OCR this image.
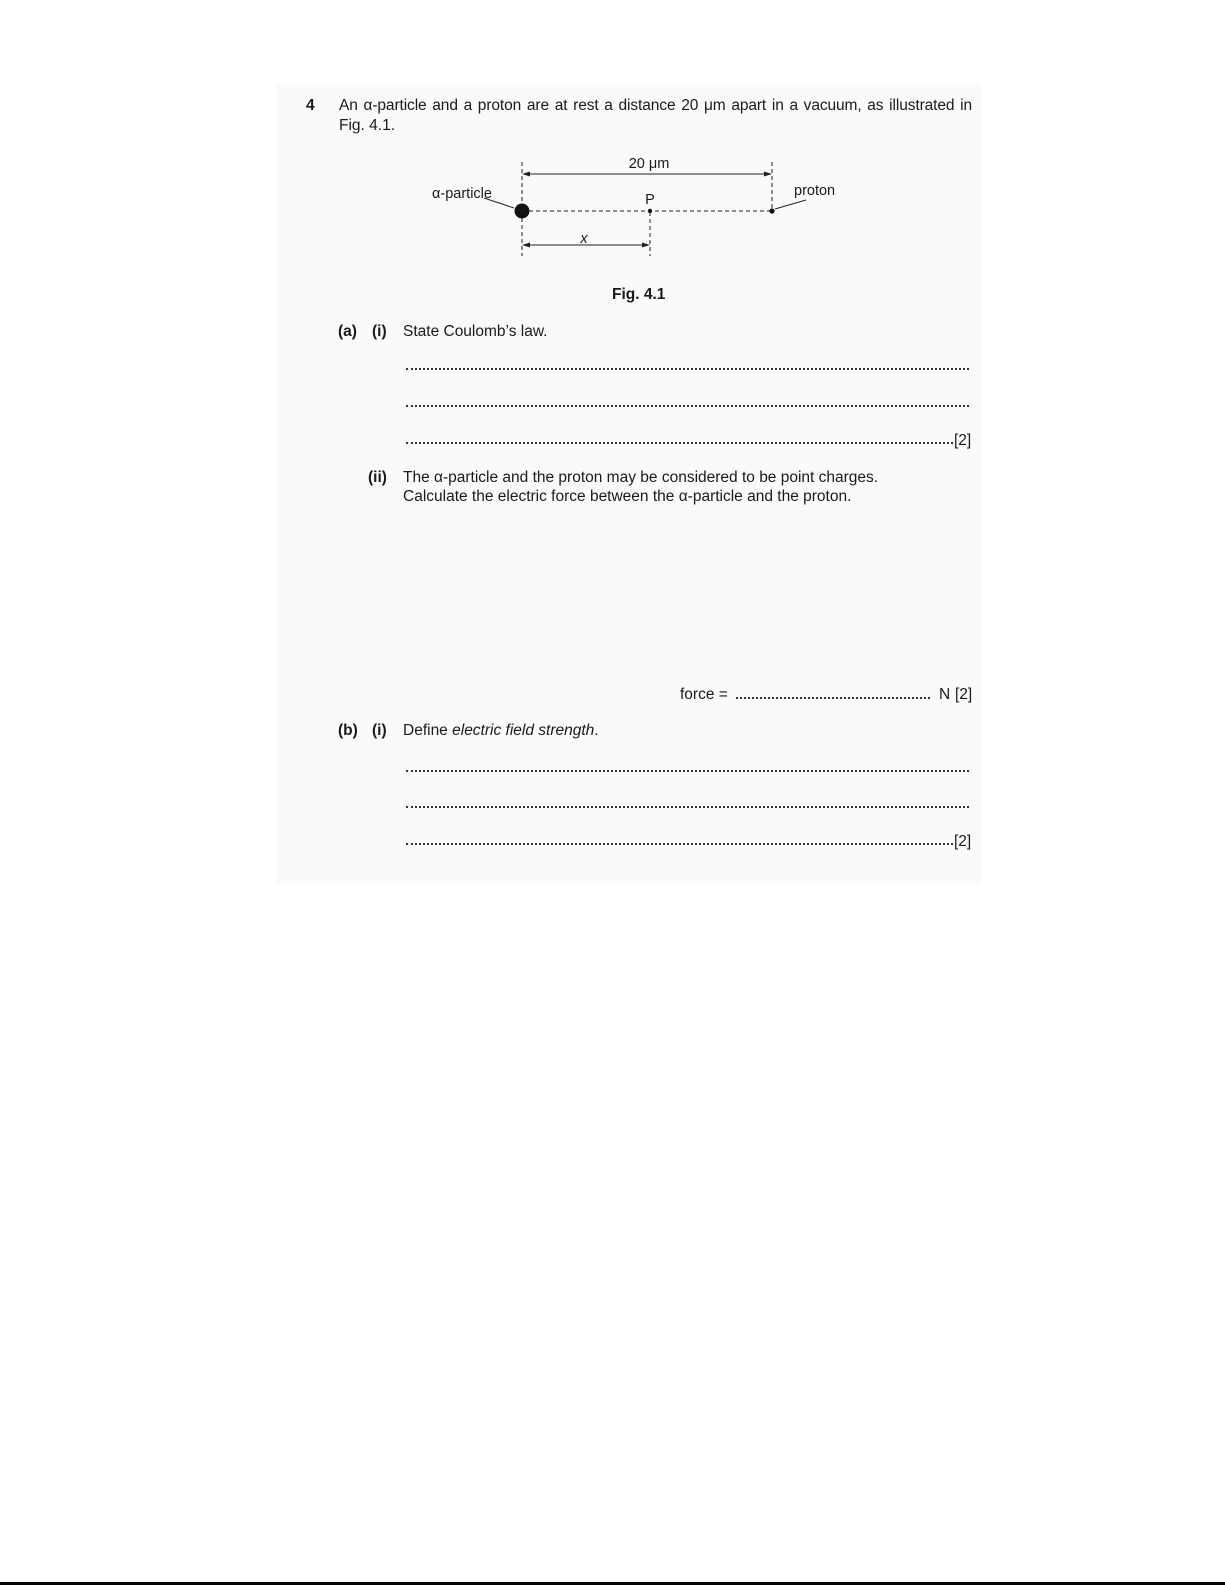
4 An α-particle and a proton are at rest a distance 20 μm apart in a vacuum, as illustrated in
Fig. 4.1.
20 μm
α-particle	P
proton
x
Fig. 4.1
(a) (i) State Coulomb’s law.
[2]
(ii) The α-particle and the proton may be considered to be point charges.
Calculate the electric force between the α-particle and the proton.
force =	N [2]
(b) (i) Define electric field strength.
[2]
